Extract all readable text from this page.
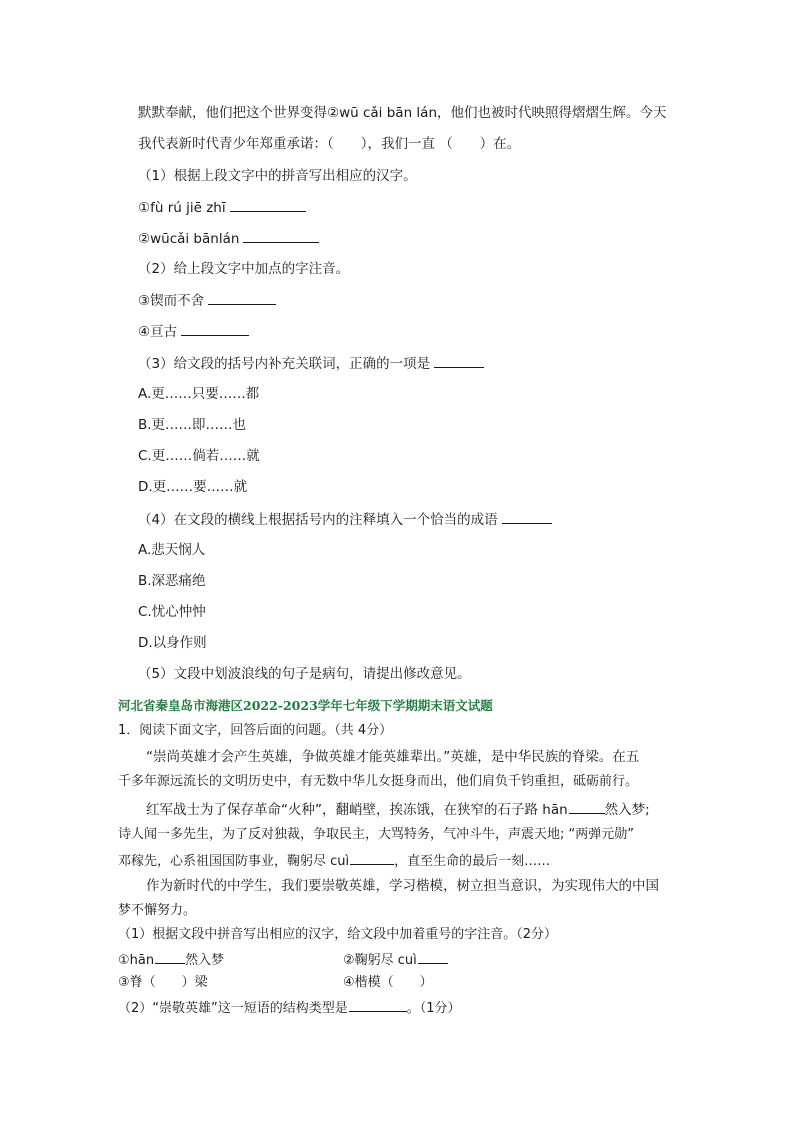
默默奉献，他们把这个世界变得②wū cǎi bān lán，他们也被时代映照得熠熠生辉。今天
我代表新时代青少年郑重承诺：（　　），我们一直 （　　）在。
（1）根据上段文字中的拼音写出相应的汉字。
①fù rú jiē zhī
②wūcǎi bānlán
（2）给上段文字中加点的字注音。
③锲而不舍
④亘古
（3）给文段的括号内补充关联词，正确的一项是
A.更……只要……都
B.更……即……也
C.更……倘若……就
D.更……要……就
（4）在文段的横线上根据括号内的注释填入一个恰当的成语
A.悲天悯人
B.深恶痛绝
C.忧心忡忡
D.以身作则
（5）文段中划波浪线的句子是病句，请提出修改意见。
河北省秦皇岛市海港区2022-2023学年七年级下学期期末语文试题
1．阅读下面文字，回答后面的问题。（共 4分）
“崇尚英雄才会产生英雄，争做英雄才能英雄辈出。”英雄，是中华民族的脊梁。在五
千多年源远流长的文明历史中，有无数中华儿女挺身而出，他们肩负千钧重担，砥砺前行。
红军战士为了保存革命“火种”，翻峭壁，挨冻饿，在狭窄的石子路 hān	然入梦;
诗人闻一多先生，为了反对独裁，争取民主，大骂特务，气冲斗牛，声震天地; “两弹元勋”
邓稼先，心系祖国国防事业，鞠躬尽 cuì	，直至生命的最后一刻……
作为新时代的中学生，我们要崇敬英雄，学习楷模，树立担当意识，为实现伟大的中国
梦不懈努力。
（1）根据文段中拼音写出相应的汉字，给文段中加着重号的字注音。（2分）
①hān 然入梦	②鞠躬尽 cuì
③脊（　　）梁	④楷模（　　）
（2）“崇敬英雄”这一短语的结构类型是	。（1分）
